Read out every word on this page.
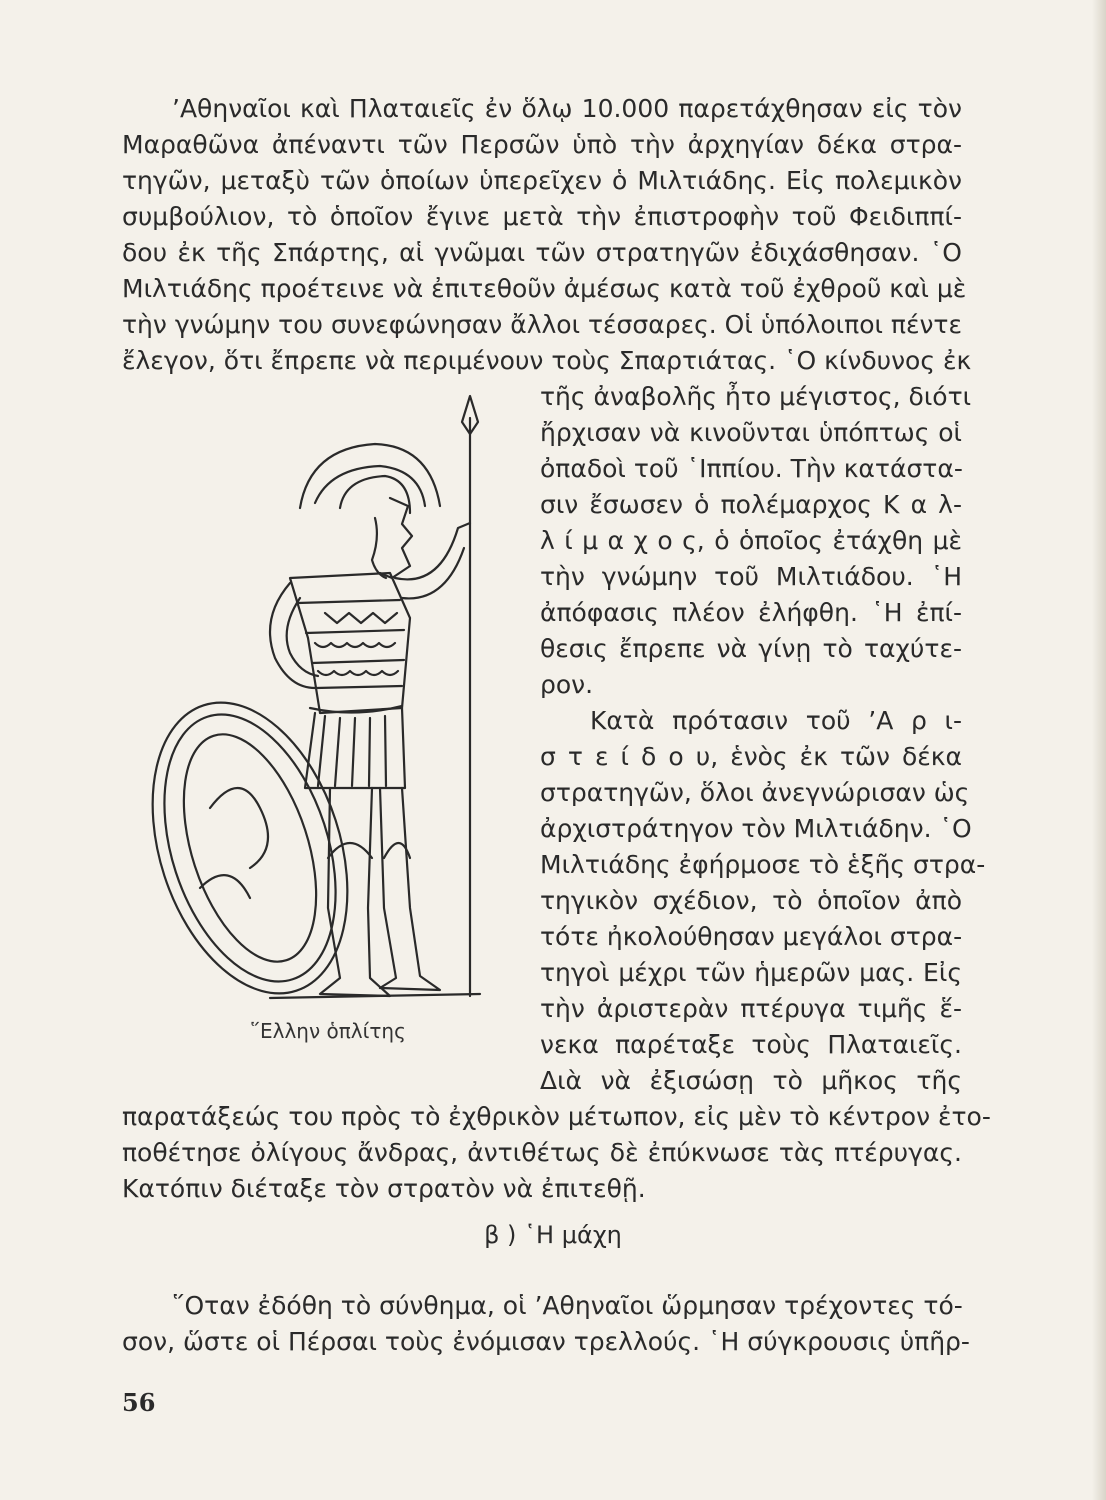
’Αθηναῖοι καὶ Πλαταιεῖς ἐν ὅλῳ 10.000 παρετάχθησαν εἰς τὸν
Μαραθῶνα ἀπέναντι τῶν Περσῶν ὑπὸ τὴν ἀρχηγίαν δέκα στρα-
τηγῶν, μεταξὺ τῶν ὁποίων ὑπερεῖχεν ὁ Μιλτιάδης. Εἰς πολεμικὸν
συμβούλιον, τὸ ὁποῖον ἔγινε μετὰ τὴν ἐπιστροφὴν τοῦ Φειδιππί-
δου ἐκ τῆς Σπάρτης, αἱ γνῶμαι τῶν στρατηγῶν ἐδιχάσθησαν. ῾Ο
Μιλτιάδης προέτεινε νὰ ἐπιτεθοῦν ἀμέσως κατὰ τοῦ ἐχθροῦ καὶ μὲ
τὴν γνώμην του συνεφώνησαν ἄλλοι τέσσαρες. Οἱ ὑπόλοιποι πέντε
ἔλεγον, ὅτι ἔπρεπε νὰ περιμένουν τοὺς Σπαρτιάτας. ῾Ο κίνδυνος ἐκ
τῆς ἀναβολῆς ἦτο μέγιστος, διότι
ἤρχισαν νὰ κινοῦνται ὑπόπτως οἱ
ὀπαδοὶ τοῦ ῾Ιππίου. Τὴν κατάστα-
σιν ἔσωσεν ὁ πολέμαρχος Κ α λ-
λ ί μ α χ ο ς, ὁ ὁποῖος ἐτάχθη μὲ
τὴν γνώμην τοῦ Μιλτιάδου. ῾Η
ἀπόφασις πλέον ἐλήφθη. ῾Η ἐπί-
θεσις ἔπρεπε νὰ γίνῃ τὸ ταχύτε-
ρον.
Κατὰ πρότασιν τοῦ ’Α ρ ι-
σ τ ε ί δ ο υ, ἑνὸς ἐκ τῶν δέκα
στρατηγῶν, ὅλοι ἀνεγνώρισαν ὡς
ἀρχιστράτηγον τὸν Μιλτιάδην. ῾Ο
Μιλτιάδης ἐφήρμοσε τὸ ἑξῆς στρα-
τηγικὸν σχέδιον, τὸ ὁποῖον ἀπὸ
τότε ἠκολούθησαν μεγάλοι στρα-
τηγοὶ μέχρι τῶν ἡμερῶν μας. Εἰς
τὴν ἀριστερὰν πτέρυγα τιμῆς ἕ-
νεκα παρέταξε τοὺς Πλαταιεῖς.
Διὰ νὰ ἐξισώσῃ τὸ μῆκος τῆς
παρατάξεώς του πρὸς τὸ ἐχθρικὸν μέτωπον, εἰς μὲν τὸ κέντρον ἐτο-
ποθέτησε ὀλίγους ἄνδρας, ἀντιθέτως δὲ ἐπύκνωσε τὰς πτέρυγας.
Κατόπιν διέταξε τὸν στρατὸν νὰ ἐπιτεθῇ.
῞Ελλην ὁπλίτης
β ) ῾Η μάχη
῞Οταν ἐδόθη τὸ σύνθημα, οἱ ’Αθηναῖοι ὥρμησαν τρέχοντες τό-
σον, ὥστε οἱ Πέρσαι τοὺς ἐνόμισαν τρελλούς. ῾Η σύγκρουσις ὑπῆρ-
56
